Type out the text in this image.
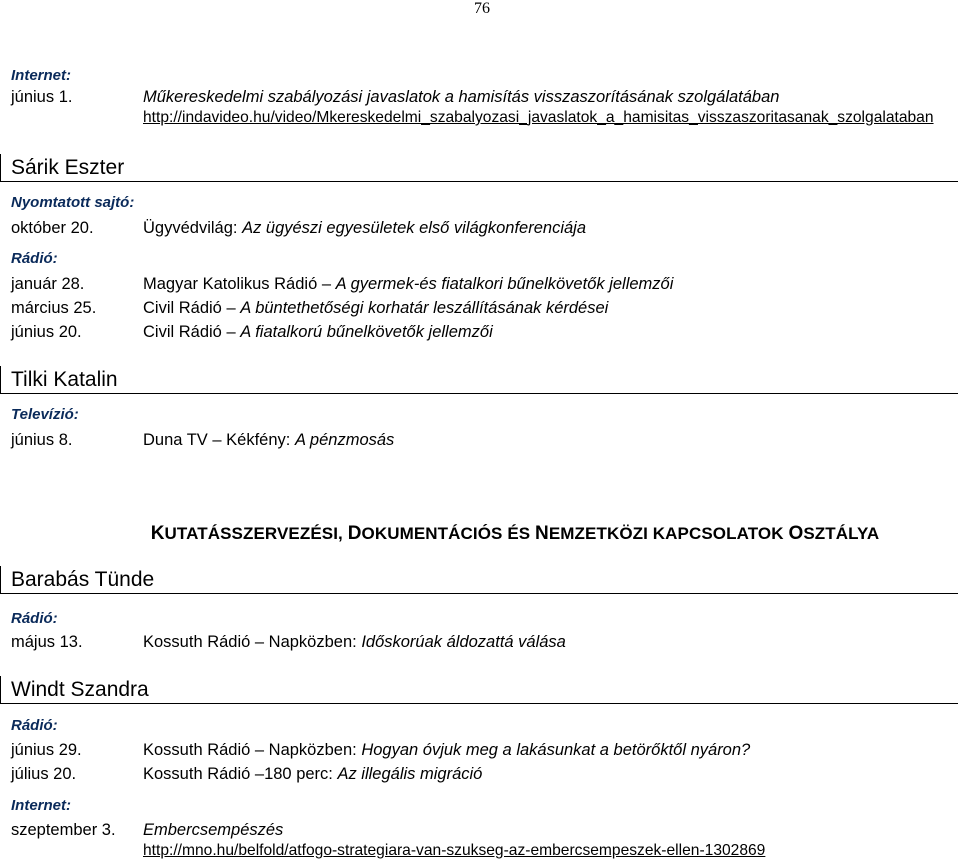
76
Internet:
június 1.	Műkereskedelmi szabályozási javaslatok a hamisítás visszaszorításának szolgálatában
http://indavideo.hu/video/Mkereskedelmi_szabalyozasi_javaslatok_a_hamisitas_visszaszoritasanak_szolgalataban
Sárik Eszter
Nyomtatott sajtó:
október 20.	Ügyvédvilág: Az ügyészi egyesületek első világkonferenciája
Rádió:
január 28.	Magyar Katolikus Rádió – A gyermek-és fiatalkori bűnelkövetők jellemzői
március 25.	Civil Rádió – A büntethetőségi korhatár leszállításának kérdései
június 20.	Civil Rádió – A fiatalkorú bűnelkövetők jellemzői
Tilki Katalin
Televízió:
június 8.	Duna TV – Kékfény: A pénzmosás
KUTATÁSSZERVEZÉSI, DOKUMENTÁCIÓS ÉS NEMZETKÖZI KAPCSOLATOK OSZTÁLYA
Barabás Tünde
Rádió:
május 13.	Kossuth Rádió – Napközben: Időskorúak áldozattá válása
Windt Szandra
Rádió:
június 29.	Kossuth Rádió – Napközben: Hogyan óvjuk meg a lakásunkat a betörőktől nyáron?
július 20.	Kossuth Rádió –180 perc: Az illegális migráció
Internet:
szeptember 3. Embercsempészés
http://mno.hu/belfold/atfogo-strategiara-van-szukseg-az-embercsempeszek-ellen-1302869
